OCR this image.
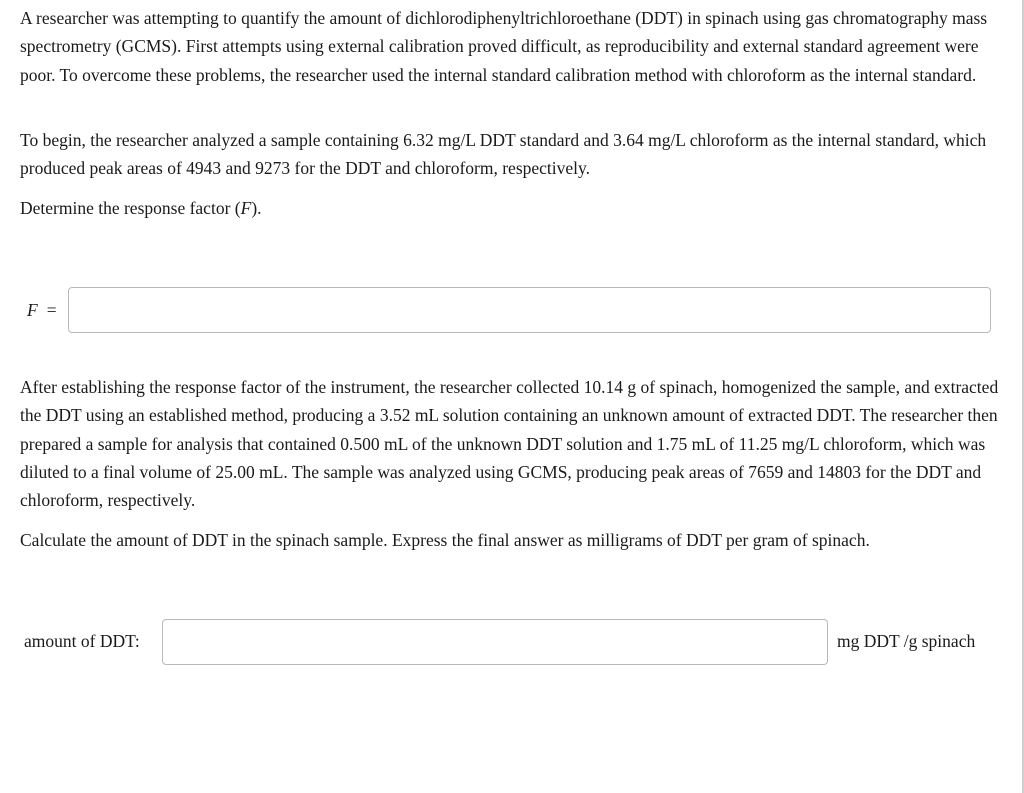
A researcher was attempting to quantify the amount of dichlorodiphenyltrichloroethane (DDT) in spinach using gas chromatography mass spectrometry (GCMS). First attempts using external calibration proved difficult, as reproducibility and external standard agreement were poor. To overcome these problems, the researcher used the internal standard calibration method with chloroform as the internal standard.

To begin, the researcher analyzed a sample containing 6.32 mg/L DDT standard and 3.64 mg/L chloroform as the internal standard, which produced peak areas of 4943 and 9273 for the DDT and chloroform, respectively.

Determine the response factor (F).

F =

After establishing the response factor of the instrument, the researcher collected 10.14 g of spinach, homogenized the sample, and extracted the DDT using an established method, producing a 3.52 mL solution containing an unknown amount of extracted DDT. The researcher then prepared a sample for analysis that contained 0.500 mL of the unknown DDT solution and 1.75 mL of 11.25 mg/L chloroform, which was diluted to a final volume of 25.00 mL. The sample was analyzed using GCMS, producing peak areas of 7659 and 14803 for the DDT and chloroform, respectively.

Calculate the amount of DDT in the spinach sample. Express the final answer as milligrams of DDT per gram of spinach.

amount of DDT:	mg DDT /g spinach
